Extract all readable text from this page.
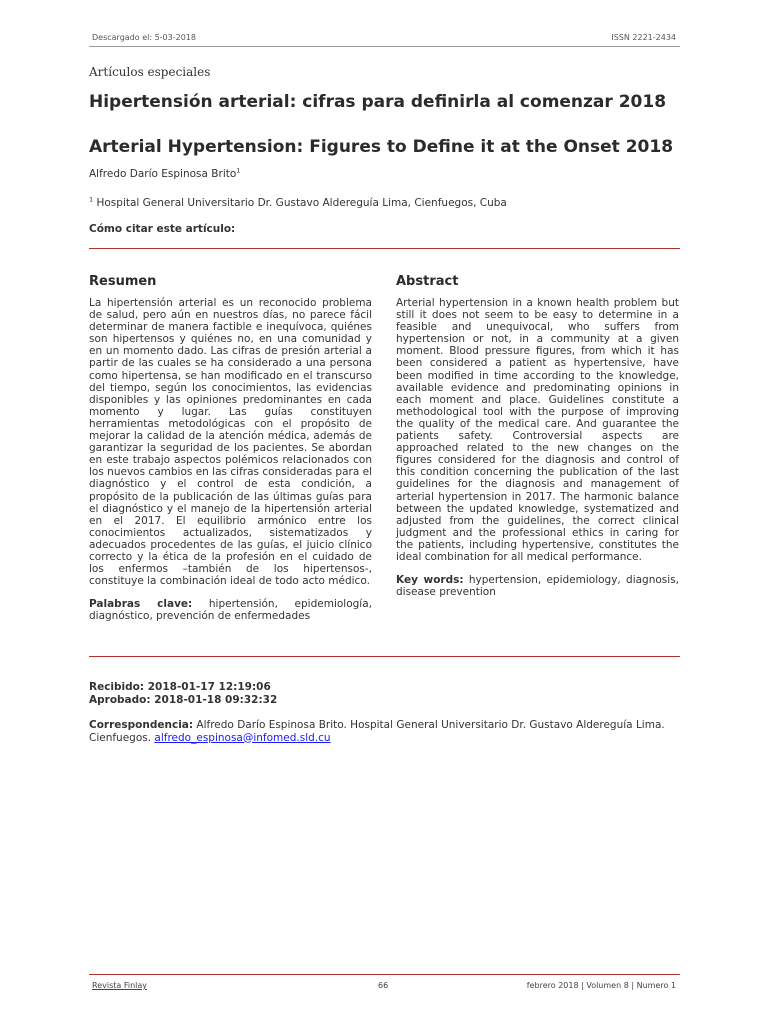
Descargado el: 5-03-2018	ISSN 2221-2434
Artículos especiales
Hipertensión arterial: cifras para definirla al comenzar 2018
Arterial Hypertension: Figures to Define it at the Onset 2018
Alfredo Darío Espinosa Brito$^1$
$^1$ Hospital General Universitario Dr. Gustavo Aldereguía Lima, Cienfuegos, Cuba
Cómo citar este artículo:
Resumen

La hipertensión arterial es un reconocido problema de salud, pero aún en nuestros días, no parece fácil determinar de manera factible e inequívoca, quiénes son hipertensos y quiénes no, en una comunidad y en un momento dado. Las cifras de presión arterial a partir de las cuales se ha considerado a una persona como hipertensa, se han modificado en el transcurso del tiempo, según los conocimientos, las evidencias disponibles y las opiniones predominantes en cada momento y lugar. Las guías constituyen herramientas metodológicas con el propósito de mejorar la calidad de la atención médica, además de garantizar la seguridad de los pacientes. Se abordan en este trabajo aspectos polémicos relacionados con los nuevos cambios en las cifras consideradas para el diagnóstico y el control de esta condición, a propósito de la publicación de las últimas guías para el diagnóstico y el manejo de la hipertensión arterial en el 2017. El equilibrio armónico entre los conocimientos actualizados, sistematizados y adecuados procedentes de las guías, el juicio clínico correcto y la ética de la profesión en el cuidado de los enfermos –también de los hipertensos-, constituye la combinación ideal de todo acto médico.

Palabras clave: hipertensión, epidemiología, diagnóstico, prevención de enfermedades

Abstract

Arterial hypertension in a known health problem but still it does not seem to be easy to determine in a feasible and unequivocal, who suffers from hypertension or not, in a community at a given moment. Blood pressure figures, from which it has been considered a patient as hypertensive, have been modified in time according to the knowledge, available evidence and predominating opinions in each moment and place. Guidelines constitute a methodological tool with the purpose of improving the quality of the medical care. And guarantee the patients safety. Controversial aspects are approached related to the new changes on the figures considered for the diagnosis and control of this condition concerning the publication of the last guidelines for the diagnosis and management of arterial hypertension in 2017. The harmonic balance between the updated knowledge, systematized and adjusted from the guidelines, the correct clinical judgment and the professional ethics in caring for the patients, including hypertensive, constitutes the ideal combination for all medical performance.

Key words: hypertension, epidemiology, diagnosis, disease prevention

Recibido: 2018-01-17 12:19:06
Aprobado: 2018-01-18 09:32:32
Correspondencia: Alfredo Darío Espinosa Brito. Hospital General Universitario Dr. Gustavo Aldereguía Lima. Cienfuegos. alfredo_espinosa@infomed.sld.cu
Revista Finlay	66	febrero 2018 | Volumen 8 | Numero 1
